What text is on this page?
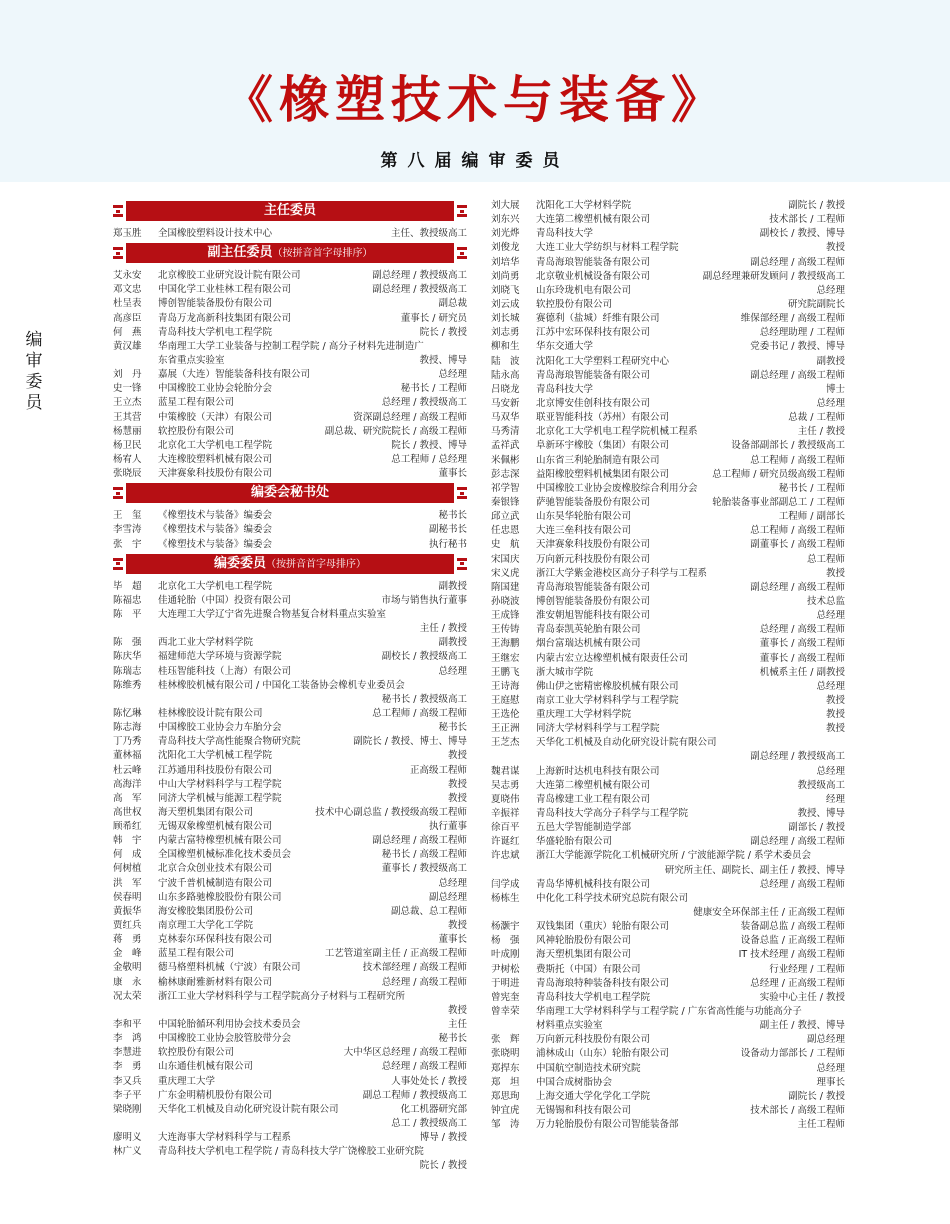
《橡塑技术与装备》
第八届编审委员
编审委员
主任委员
郑玉胜 全国橡胶塑料设计技术中心	主任、教授级高工
副主任委员（按拼音首字母排序）
艾永安 北京橡胶工业研究设计院有限公司	副总经理 / 教授级高工
邓文忠 中国化学工业桂林工程有限公司	副总经理 / 教授级高工
杜呈表 博创智能装备股份有限公司	副总裁
高彦臣 青岛万龙高新科技集团有限公司	董事长 / 研究员
何　燕 青岛科技大学机电工程学院	院长 / 教授
黄汉雄 华南理工大学工业装备与控制工程学院 / 高分子材料先进制造广
东省重点实验室	教授、博导
刘　丹 嘉展（大连）智能装备科技有限公司	总经理
史一锋 中国橡胶工业协会轮胎分会	秘书长 / 工程师
王立杰 蓝星工程有限公司	总经理 / 教授级高工
王其营 中策橡胶（天津）有限公司	资深副总经理 / 高级工程师
杨慧丽 软控股份有限公司	副总裁、研究院院长 / 高级工程师
杨卫民 北京化工大学机电工程学院	院长 / 教授、博导
杨宥人 大连橡胶塑料机械有限公司	总工程师 / 总经理
张晓辰 天津赛象科技股份有限公司	董事长
编委会秘书处
王　玺 《橡塑技术与装备》编委会	秘书长
李雪涛 《橡塑技术与装备》编委会	副秘书长
张　宇 《橡塑技术与装备》编委会	执行秘书
编委委员（按拼音首字母排序）
毕　超 北京化工大学机电工程学院	副教授
陈福忠 佳通轮胎（中国）投资有限公司	市场与销售执行董事
陈　平 大连理工大学辽宁省先进聚合物基复合材料重点实验室
主任 / 教授
陈　强 西北工业大学材料学院	副教授
陈庆华 福建师范大学环境与资源学院	副校长 / 教授级高工
陈瑞志 桂珏智能科技（上海）有限公司	总经理
陈维秀 桂林橡胶机械有限公司 / 中国化工装备协会橡机专业委员会
秘书长 / 教授级高工
陈忆琳 桂林橡胶设计院有限公司	总工程师 / 高级工程师
陈志海 中国橡胶工业协会力车胎分会	秘书长
丁乃秀 青岛科技大学高性能聚合物研究院	副院长 / 教授、博士、博导
董林福 沈阳化工大学机械工程学院	教授
杜云峰 江苏通用科技股份有限公司	正高级工程师
高海洋 中山大学材料科学与工程学院	教授
高　军 同济大学机械与能源工程学院	教授
高世权 海天塑机集团有限公司	技术中心副总监 / 教授级高级工程师
顾希红 无锡双象橡塑机械有限公司	执行董事
韩　宇 内蒙古富特橡塑机械有限公司	副总经理 / 高级工程师
何　成 全国橡塑机械标准化技术委员会	秘书长 / 高级工程师
何树植 北京合众创业技术有限公司	董事长 / 教授级高工
洪　军 宁波千普机械制造有限公司	总经理
侯春明 山东多路驰橡胶股份有限公司	副总经理
黄振华 海安橡胶集团股份公司	副总裁、总工程师
贾红兵 南京理工大学化工学院	教授
蒋　勇 克林泰尔环保科技有限公司	董事长
金　峰 蓝星工程有限公司	工艺管道室副主任 / 正高级工程师
金敬明 德马格塑料机械（宁波）有限公司	技术部经理 / 高级工程师
康　永 榆林康耐雅新材料有限公司	总经理 / 高级工程师
况太荣 浙江工业大学材料科学与工程学院高分子材料与工程研究所
教授
李和平 中国轮胎循环利用协会技术委员会	主任
李　鸿 中国橡胶工业协会胶管胶带分会	秘书长
李慧进 软控股份有限公司	大中华区总经理 / 高级工程师
李　勇 山东通佳机械有限公司	总经理 / 高级工程师
李又兵 重庆理工大学	人事处处长 / 教授
李子平 广东金明精机股份有限公司	副总工程师 / 教授级高工
梁晓刚 天华化工机械及自动化研究设计院有限公司	化工机器研究部
总工 / 教授级高工
廖明义 大连海事大学材料科学与工程系	博导 / 教授
林广义 青岛科技大学机电工程学院 / 青岛科技大学广饶橡胶工业研究院
院长 / 教授
刘大展 沈阳化工大学材料学院	副院长 / 教授
刘东兴 大连第二橡塑机械有限公司	技术部长 / 工程师
刘光烨 青岛科技大学	副校长 / 教授、博导
刘俊龙 大连工业大学纺织与材料工程学院	教授
刘培华 青岛海琅智能装备有限公司	副总经理 / 高级工程师
刘尚勇 北京敬业机械设备有限公司	副总经理兼研发顾问 / 教授级高工
刘晓飞 山东玲珑机电有限公司	总经理
刘云成 软控股份有限公司	研究院副院长
刘长城 赛德利（盐城）纤维有限公司	维保部经理 / 高级工程师
刘志勇 江苏中宏环保科技有限公司	总经理助理 / 工程师
柳和生 华东交通大学	党委书记 / 教授、博导
陆　波 沈阳化工大学塑料工程研究中心	副教授
陆永高 青岛海琅智能装备有限公司	副总经理 / 高级工程师
吕晓龙 青岛科技大学	博士
马安新 北京博安佳创科技有限公司	总经理
马双华 联亚智能科技（苏州）有限公司	总裁 / 工程师
马秀清 北京化工大学机电工程学院机械工程系	主任 / 教授
孟祥武 阜新环宇橡胶（集团）有限公司	设备部副部长 / 教授级高工
米佩彬 山东省三利轮胎制造有限公司	总工程师 / 高级工程师
彭志深 益阳橡胶塑料机械集团有限公司	总工程师 / 研究员级高级工程师
祁学智 中国橡胶工业协会废橡胶综合利用分会	秘书长 / 工程师
秦银锋 萨驰智能装备股份有限公司	轮胎装备事业部副总工 / 工程师
邱立武 山东昊华轮胎有限公司	工程师 / 副部长
任忠恩 大连三垒科技有限公司	总工程师 / 高级工程师
史　航 天津赛象科技股份有限公司	副董事长 / 高级工程师
宋国庆 万向新元科技股份有限公司	总工程师
宋义虎 浙江大学紫金港校区高分子科学与工程系	教授
隋国建 青岛海琅智能装备有限公司	副总经理 / 高级工程师
孙晓波 博创智能装备股份有限公司	技术总监
王成锋 淮安朝旭智能科技有限公司	总经理
王传铸 青岛泰凯英轮胎有限公司	总经理 / 高级工程师
王海鹏 烟台富瑞达机械有限公司	董事长 / 高级工程师
王继宏 内蒙古宏立达橡塑机械有限责任公司	董事长 / 高级工程师
王鹏飞 浙大城市学院	机械系主任 / 副教授
王诗海 佛山伊之密精密橡胶机械有限公司	总经理
王庭慰 南京工业大学材料科学与工程学院	教授
王选伦 重庆理工大学材料学院	教授
王正洲 同济大学材料科学与工程学院	教授
王芝杰 天华化工机械及自动化研究设计院有限公司
副总经理 / 教授级高工
魏君谋 上海新时达机电科技有限公司	总经理
吴志勇 大连第二橡塑机械有限公司	教授级高工
夏晓伟 青岛橡建工业工程有限公司	经理
辛振祥 青岛科技大学高分子科学与工程学院	教授、博导
徐百平 五邑大学智能制造学部	副部长 / 教授
许诞红 华盛轮胎有限公司	副总经理 / 高级工程师
许忠斌 浙江大学能源学院化工机械研究所 / 宁波能源学院 / 系学术委员会
研究所主任、副院长、副主任 / 教授、博导
闫学成 青岛华博机械科技有限公司	总经理 / 高级工程师
杨栋生 中化化工科学技术研究总院有限公司
健康安全环保部主任 / 正高级工程师
杨灏宇 双钱集团（重庆）轮胎有限公司	装备副总监 / 高级工程师
杨　强 风神轮胎股份有限公司	设备总监 / 正高级工程师
叶成刚 海天塑机集团有限公司	IT 技术经理 / 高级工程师
尹树松 费斯托（中国）有限公司	行业经理 / 工程师
于明进 青岛海琅特种装备科技有限公司	总经理 / 正高级工程师
曾宪奎 青岛科技大学机电工程学院	实验中心主任 / 教授
曾幸荣 华南理工大学材料科学与工程学院 / 广东省高性能与功能高分子
材料重点实验室	副主任 / 教授、博导
张　辉 万向新元科技股份有限公司	副总经理
张晓明 浦林成山（山东）轮胎有限公司	设备动力部部长 / 工程师
郑捍东 中国航空制造技术研究院	总经理
郑　坦 中国合成树脂协会	理事长
郑思珣 上海交通大学化学化工学院	副院长 / 教授
钟宜虎 无锡锡和科技有限公司	技术部长 / 高级工程师
邹　涛 万力轮胎股份有限公司智能装备部	主任工程师
